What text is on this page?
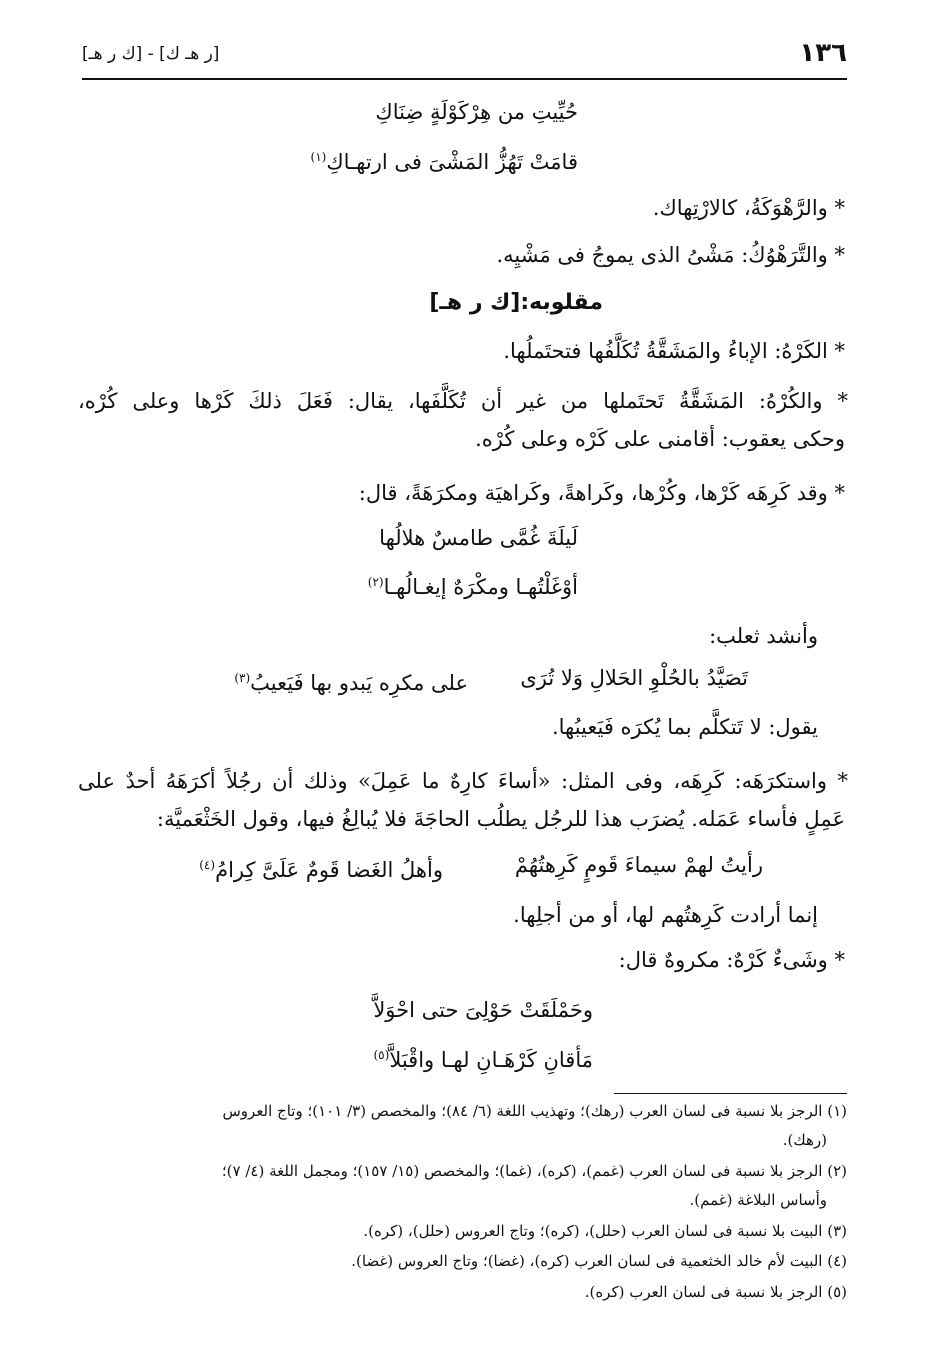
١٣٦
[ر هـ ك] - [ك ر هـ]
حُيِّيتِ من هِرْكَوْلَةٍ ضِنَاكِ
قامَتْ تَهُزُّ المَشْىَ فى ارتهـاكِ$^{(١)}$
* والرَّهْوَكَةُ، كالارْتِهاك.
* والتَّرَهْوُكُ: مَشْىُ الذى يموجُ فى مَشْيِه.
مقلوبه:[ك ر هـ]
* الكَرْهُ: الإباءُ والمَشَقَّةُ تُكَلَّفُها فتحتَملُها.
* والكُرْهُ: المَشَقَّةُ تَحتَملها من غير أن تُكَلَّفَها، يقال: فَعَلَ ذلكَ كَرْها وعلى كُرْه،
وحكى يعقوب: أقامنى على كَرْه وعلى كُرْه.
* وقد كَرِهَه كَرْها، وكُرْها، وكَراهةً، وكَراهيَة ومكرَهَةً، قال:
لَيلَةَ غُمَّى طامسٌ هلالُها
أوْغَلْتُهـا ومكْرَهٌ إيغـالُهـا$^{(٢)}$
وأنشد ثعلب:
تَصَيَّدُ بالحُلْوِ الحَلالِ وَلا تُرَى
على مكرِه يَبدو بها فَيَعيبُ$^{(٣)}$
يقول: لا تَتكلَّم بما يُكرَه فَيَعيبُها.
* واستكرَهَه: كَرِهَه، وفى المثل: «أساءَ كارِهٌ ما عَمِلَ» وذلك أن رجُلاً أكرَهَهُ أحدٌ على
عَمِلٍ فأساء عَمَله. يُضرَب هذا للرجُل يطلُب الحاجَةَ فلا يُبالِغُ فيها، وقول الخَثْعَميَّة:
رأيتُ لهمْ سيماءَ قَومٍ كَرِهتُهُمْ
وأهلُ الغَضا قَومٌ عَلَىَّ كِرامُ$^{(٤)}$
إنما أرادت كَرِهتُهم لها، أو من أجلِها.
* وشَىءٌ كَرْهٌ: مكروهٌ قال:
وحَمْلَقَتْ حَوْلِىَ حتى احْوَلاَّ
مَأقانِ كَرْهَـانِ لهـا واقْبَلاَّ$^{(٥)}$
(١) الرجز بلا نسبة فى لسان العرب (رهك)؛ وتهذيب اللغة (٦/ ٨٤)؛ والمخصص (٣/ ١٠١)؛ وتاج العروس
(رهك).
(٢) الرجز بلا نسبة فى لسان العرب (غمم)، (كره)، (غما)؛ والمخصص (١٥/ ١٥٧)؛ ومجمل اللغة (٤/ ٧)؛
وأساس البلاغة (غمم).
(٣) البيت بلا نسبة فى لسان العرب (حلل)، (كره)؛ وتاج العروس (حلل)، (كره).
(٤) البيت لأم خالد الخثعمية فى لسان العرب (كره)، (غضا)؛ وتاج العروس (غضا).
(٥) الرجز بلا نسبة فى لسان العرب (كره).
